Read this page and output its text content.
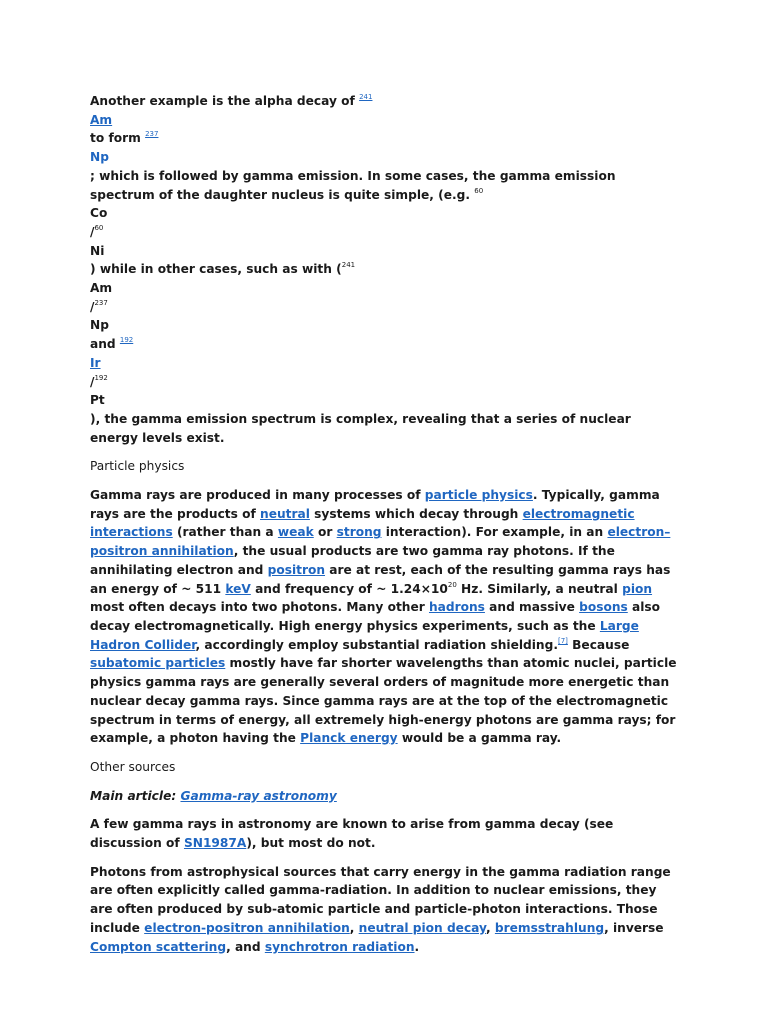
Another example is the alpha decay of $^{241}$
Am
to form $^{237}$
Np
; which is followed by gamma emission. In some cases, the gamma emission spectrum of the daughter nucleus is quite simple, (e.g. $^{60}$
Co
/$^{60}$
Ni
) while in other cases, such as with ($^{241}$
Am
/$^{237}$
Np
and $^{192}$
Ir
/$^{192}$
Pt
), the gamma emission spectrum is complex, revealing that a series of nuclear energy levels exist.

Particle physics

Gamma rays are produced in many processes of particle physics. Typically, gamma rays are the products of neutral systems which decay through electromagnetic interactions (rather than a weak or strong interaction). For example, in an electron–positron annihilation, the usual products are two gamma ray photons. If the annihilating electron and positron are at rest, each of the resulting gamma rays has an energy of ~ 511 keV and frequency of ~ $1.24\times 10^{20}$ Hz. Similarly, a neutral pion most often decays into two photons. Many other hadrons and massive bosons also decay electromagnetically. High energy physics experiments, such as the Large Hadron Collider, accordingly employ substantial radiation shielding.[7] Because subatomic particles mostly have far shorter wavelengths than atomic nuclei, particle physics gamma rays are generally several orders of magnitude more energetic than nuclear decay gamma rays. Since gamma rays are at the top of the electromagnetic spectrum in terms of energy, all extremely high-energy photons are gamma rays; for example, a photon having the Planck energy would be a gamma ray.

Other sources

Main article: Gamma-ray astronomy

A few gamma rays in astronomy are known to arise from gamma decay (see discussion of SN1987A), but most do not.

Photons from astrophysical sources that carry energy in the gamma radiation range are often explicitly called gamma-radiation. In addition to nuclear emissions, they are often produced by sub-atomic particle and particle-photon interactions. Those include electron-positron annihilation, neutral pion decay, bremsstrahlung, inverse Compton scattering, and synchrotron radiation.
